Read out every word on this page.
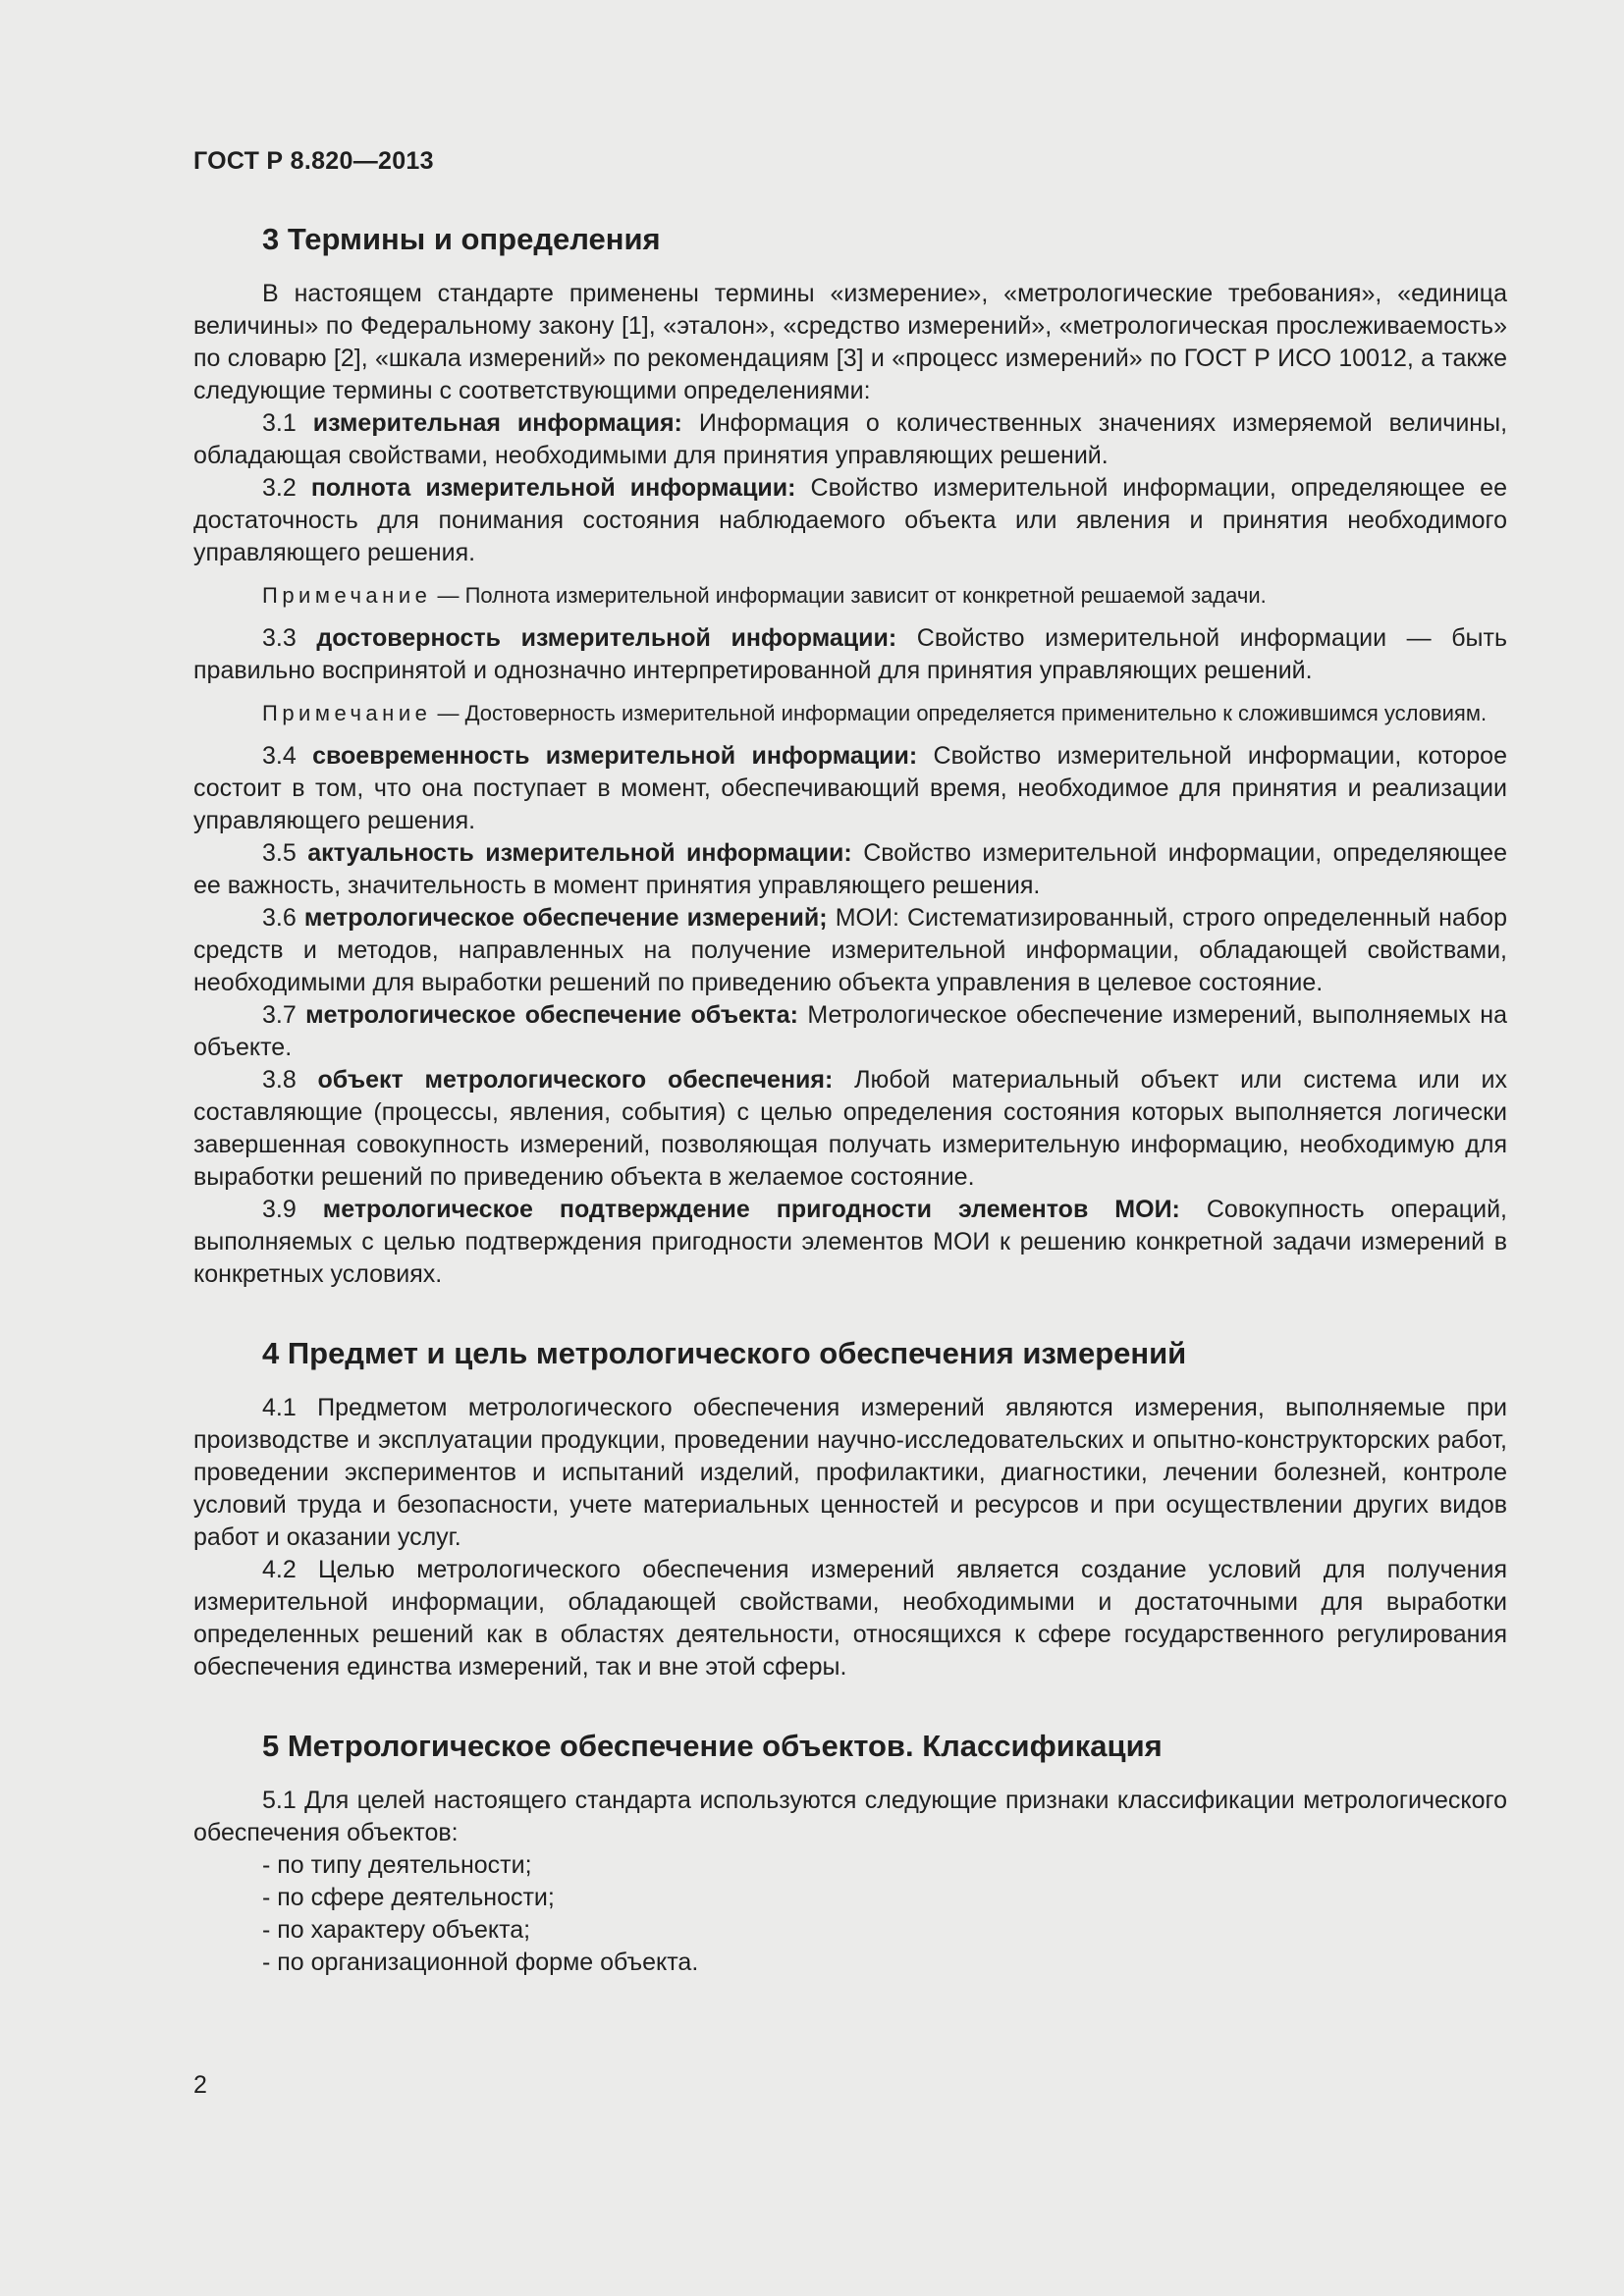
ГОСТ Р 8.820—2013
3 Термины и определения

В настоящем стандарте применены термины «измерение», «метрологические требования», «единица величины» по Федеральному закону [1], «эталон», «средство измерений», «метрологическая прослеживаемость» по словарю [2], «шкала измерений» по рекомендациям [3] и «процесс измерений» по ГОСТ Р ИСО 10012, а также следующие термины с соответствующими определениями:

3.1 измерительная информация: Информация о количественных значениях измеряемой величины, обладающая свойствами, необходимыми для принятия управляющих решений.

3.2 полнота измерительной информации: Свойство измерительной информации, определяющее ее достаточность для понимания состояния наблюдаемого объекта или явления и принятия необходимого управляющего решения.

Примечание — Полнота измерительной информации зависит от конкретной решаемой задачи.

3.3 достоверность измерительной информации: Свойство измерительной информации — быть правильно воспринятой и однозначно интерпретированной для принятия управляющих решений.

Примечание — Достоверность измерительной информации определяется применительно к сложившимся условиям.

3.4 своевременность измерительной информации: Свойство измерительной информации, которое состоит в том, что она поступает в момент, обеспечивающий время, необходимое для принятия и реализации управляющего решения.

3.5 актуальность измерительной информации: Свойство измерительной информации, определяющее ее важность, значительность в момент принятия управляющего решения.

3.6 метрологическое обеспечение измерений; МОИ: Систематизированный, строго определенный набор средств и методов, направленных на получение измерительной информации, обладающей свойствами, необходимыми для выработки решений по приведению объекта управления в целевое состояние.

3.7 метрологическое обеспечение объекта: Метрологическое обеспечение измерений, выполняемых на объекте.

3.8 объект метрологического обеспечения: Любой материальный объект или система или их составляющие (процессы, явления, события) с целью определения состояния которых выполняется логически завершенная совокупность измерений, позволяющая получать измерительную информацию, необходимую для выработки решений по приведению объекта в желаемое состояние.

3.9 метрологическое подтверждение пригодности элементов МОИ: Совокупность операций, выполняемых с целью подтверждения пригодности элементов МОИ к решению конкретной задачи измерений в конкретных условиях.

4 Предмет и цель метрологического обеспечения измерений

4.1 Предметом метрологического обеспечения измерений являются измерения, выполняемые при производстве и эксплуатации продукции, проведении научно-исследовательских и опытно-конструкторских работ, проведении экспериментов и испытаний изделий, профилактики, диагностики, лечении болезней, контроле условий труда и безопасности, учете материальных ценностей и ресурсов и при осуществлении других видов работ и оказании услуг.

4.2 Целью метрологического обеспечения измерений является создание условий для получения измерительной информации, обладающей свойствами, необходимыми и достаточными для выработки определенных решений как в областях деятельности, относящихся к сфере государственного регулирования обеспечения единства измерений, так и вне этой сферы.

5 Метрологическое обеспечение объектов. Классификация

5.1 Для целей настоящего стандарта используются следующие признаки классификации метрологического обеспечения объектов:

- по типу деятельности;
- по сфере деятельности;
- по характеру объекта;
- по организационной форме объекта.
2
